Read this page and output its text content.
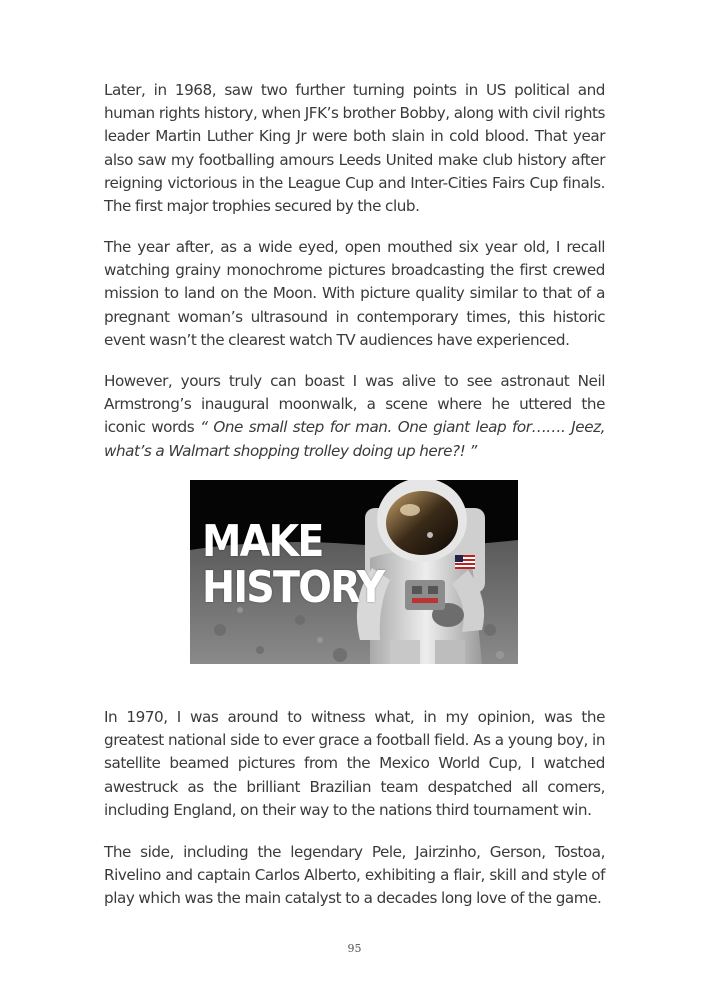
Later, in 1968, saw two further turning points in US political and human rights history, when JFK’s brother Bobby, along with civil rights leader Martin Luther King Jr were both slain in cold blood. That year also saw my footballing amours Leeds United make club history after reigning victorious in the League Cup and Inter-Cities Fairs Cup finals. The first major trophies secured by the club.

The year after, as a wide eyed, open mouthed six year old, I recall watching grainy monochrome pictures broadcasting the first crewed mission to land on the Moon. With picture quality similar to that of a pregnant woman’s ultrasound in contemporary times, this historic event wasn’t the clearest watch TV audiences have experienced.

However, yours truly can boast I was alive to see astronaut Neil Armstrong’s inaugural moonwalk, a scene where he uttered the iconic words “ One small step for man. One giant leap for……. Jeez, what’s a Walmart shopping trolley doing up here?! ”

MAKE
HISTORY

In 1970, I was around to witness what, in my opinion, was the greatest national side to ever grace a football field. As a young boy, in satellite beamed pictures from the Mexico World Cup, I watched awestruck as the brilliant Brazilian team despatched all comers, including England, on their way to the nations third tournament win.

The side, including the legendary Pele, Jairzinho, Gerson, Tostoa, Rivelino and captain Carlos Alberto, exhibiting a flair, skill and style of play which was the main catalyst to a decades long love of the game.

95
